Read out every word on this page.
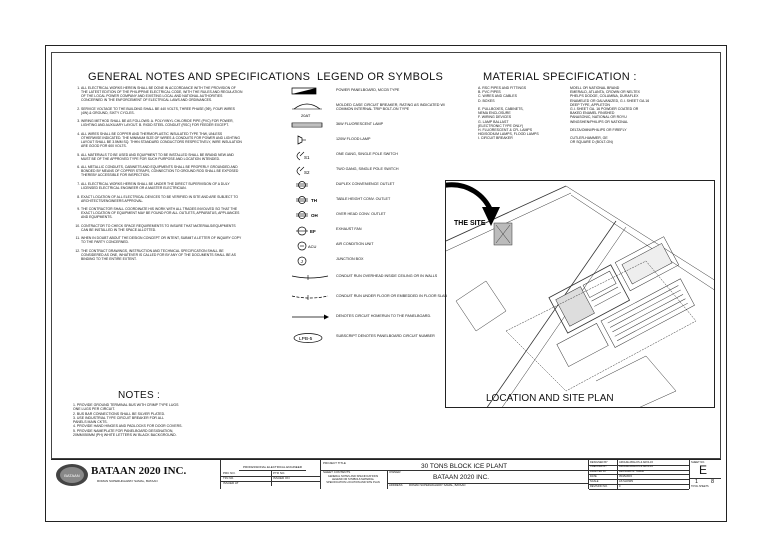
GENERAL NOTES AND SPECIFICATIONS LEGEND OR SYMBOLS	MATERIAL SPECIFICATION :
1. ALL ELECTRICAL WORKS HEREIN SHALL BE DONE IN ACCORDANCE WITH THE PROVISION OF THE LATEST EDITION OF THE PHILIPPINE ELECTRICAL CODE, WITH THE RULES AND REGULATION OF THE LOCAL POWER COMPANY AND EXISTING LOCAL AND NATIONAL AUTHORITIES CONCERNED IN THE ENFORCEMENT OF ELECTRICAL LAWS AND ORDINANCES.
2. SERVICE VOLTAGE TO THE BUILDING SHALL BE 440 VOLTS, THREE PHASE (3Φ), FOUR WIRES (4W) & GROUND, SIXTY CYCLES.
3. WIRING METHOD SHALL BE AS FOLLOWS: A. POLYVINYL CHLORIDE PIPE (PVC) FOR POWER, LIGHTING AND AUXILIARY LAYOUT. B. RIGID STEEL CONDUIT (RSC) FOR FEEDER EXCEPT.
4. ALL WIRES SHALL BE COPPER AND THERMOPLASTIC INSULATED TYPE THW, UNLESS OTHERWISE INDICATED. THE MINIMUM SIZE OF WIRES & CONDUITS FOR POWER AND LIGHTING LAYOUT SHALL BE 3.5MM SQ. THHN STANDARD CONDUCTORS RESPECTIVELY, WIRE INSULATION ARE GOOD FOR 600 VOLTS.
5. ALL MATERIALS TO BE USED AND EQUIPMENT TO BE INSTALLED SHALL BE BRAND NEW AND MUST BE OF THE APPROVED TYPE FOR SUCH PURPOSE AND LOCATION INTENDED.
6. ALL METALLIC CONDUITS, CABINETS AND EQUIPMENTS SHALL BE PROPERLY GROUNDED AND BONDED BY MEANS OF COPPER STRAPS, CONNECTION TO GROUND ROD SHALL BE EXPOSED THEREBY ACCESSIBLE FOR INSPECTION.
7. ALL ELECTRICAL WORKS HEREIN SHALL BE UNDER THE DIRECT SUPERVISION OF A DULY LICENSED ELECTRICAL ENGINEER OR A MASTER ELECTRICIAN.
8. EXACT LOCATION OF ALL ELECTRICAL DEVICES TO BE VERIFIED IN SITE AND ARE SUBJECT TO ARCHITECTS/ENGINEERS APPROVAL.
9. THE CONTRACTOR SHALL COORDINATE HIS WORK WITH ALL TRADES INVOLVED SO THAT THE EXACT LOCATION OF EQUIPMENT MAY BE FOUND FOR ALL OUTLETS, APPARATUS, APPLIANCES AND EQUIPMENTS.
10. CONTRACTOR TO CHECK SPACE REQUIREMENTS TO INSURE THAT MATERIALS/EQUIPMENTS CAN BE INSTALLED IN THE SPACE ALLOTTED.
11. WHEN IN DOUBT ABOUT THE DESIGN CONCEPT OR INTENT, SUBMIT A LETTER OF INQUIRY COPY TO THE PARTY CONCERNED.
12. THE CONTRACT DRAWINGS, INSTRUCTION AND TECHNICAL SPECIFICATION SHALL BE CONSIDERED AS ONE, WHATEVER IS CALLED FOR BY ANY OF THE DOCUMENTS SHALL BE AS BINDING TO THE ENTIRE EXTENT.
NOTES :
1. PROVIDE GROUND TERMINAL BUS WITH CRIMP TYPE LUGS
ONE LUGS PER CIRCUIT.
2. BUS BAR CONNECTIONS SHALL BE SILVER PLATED.
3. USE INDUSTRIAL TYPE CIRCUIT BREAKER FOR ALL
PANELS MAIN CKTS.
4. PROVIDE HAND HINGES AND PADLOCKS FOR DOOR COVERS.
5. PROVIDE NAMEPLATE FOR PANELBOARD DESIGNATION,
20MMX50MM (PH) WHITE LETTERS W/ BLACK BACKGROUND.
POWER PANELBOARD, MCCB TYPE
20AT
MOLDED CASE CIRCUIT BREAKER, RATING AS INDICATED W/ COMMON INTERNAL TRIP BOLT-ON TYPE
36W FLUORESCENT LAMP
120W FLOOD LAMP
S1
ONE GANG, SINGLE POLE SWITCH
S2
TWO GANG, SINGLE POLE SWITCH
DUPLEX CONVENIENCE OUTLET
TH	TABLE HEIGHT CONV. OUTLET
OH	OVER HEAD CONV. OUTLET
EF	EXHAUST FAN
ACU	AIR CONDITION UNIT
J	JUNCTION BOX
CONDUIT RUN OVERHEAD INSIDE CEILING OR IN WALLS
CONDUIT RUN UNDER FLOOR OR EMBEDDED IN FLOOR SLAB
DENOTES CIRCUIT HOMERUN TO THE PANELBOARD.
LPB-5
SUBSCRIPT DENOTES PANELBOARD CIRCUIT NUMBER
A. RSC PIPES AND FITTINGS	MOELL OR NATIONAL BRAND
B. PVC PIPES	EMERALD, ATLANTA, CROWN OR NELTEX
C. WIRES AND CABLES	PHELPS DODGE, COLUMBIA, DURAFLEX
D. BOXES	ENAMELED OR GALVANIZED, G.I. SHEET GA.16
DEEP TYPE, APPLETON
E. PULLBOXES, CABINETS,	G.I. SHEET GA. 16 POWDER COATED OR
NEMA ENCLOSURE	BAKED ENAMEL FINISHED
F. WIRING DEVICES	PANASONIC, NATIONAL OR ROYU
G. LAMP BALLAST	WINGSHEN/PHILIPS OR NATIONAL
(ELECTRONIC TYPE ONLY)
H. FLUORESCENT & CFL LAMPS	DELTA/OMNI/PHILIPS OR FIREFLY
HID/SODIUM LAMPS, FLOOD LAMPS
I. CIRCUIT BREAKER	CUTLER-HAMMER, GE
OR SQUARE D (BOLT-ON)
THE SITE
LOCATION AND SITE PLAN
BATAAN BATAAN 2020 INC.
ROMAN SUPERHIGHWAY SAMAL, BATAAN
PROFESSIONAL ELECTRICAL ENGINEER
PRC NO.	PTR NO.
TIN NO.	ISSUED ON
ISSUED AT
PROJECT TITLE	30 TONS BLOCK ICE PLANT
SHEET CONTENTS
GENERAL NOTES AND SPECIFICATIONS LEGEND OR SYMBOLS MATERIAL SPECIFICATION LOCATION AND SITE PLAN
OWNER
BATAAN 2020 INC.
ADDRESS ROMAN SUPERHIGHWAY SAMAL, BATAAN
DESIGNED BY	ARCHIE ABALOS & AROLJO
CHECKED BY	ARCHIE ABALOS & AROLJO
DRAFTED BY	LEONARD G. TADLE
DATE	05/15/2015
SCALE	AS SHOWN
REVISION NO.	0
SHEET NO.
E
1 8
TOTAL SHEETS
